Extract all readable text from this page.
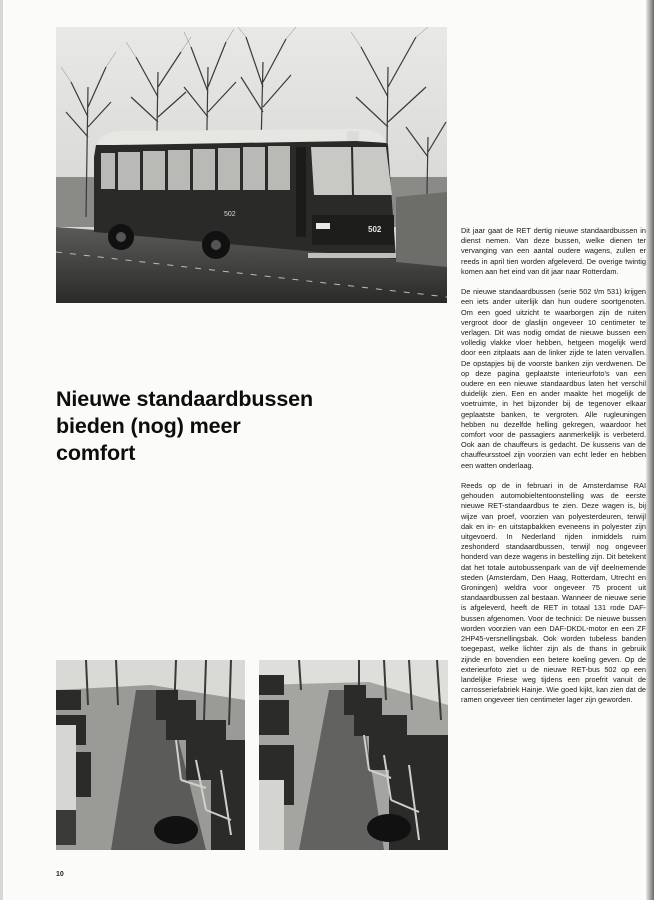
502
502
Nieuwe standaardbussen
bieden (nog) meer
comfort

Dit jaar gaat de RET dertig nieuwe standaardbussen in dienst nemen. Van deze bussen, welke dienen ter vervanging van een aantal oudere wagens, zullen er reeds in april tien worden afgeleverd. De overige twintig komen aan het eind van dit jaar naar Rotterdam.

De nieuwe standaardbussen (serie 502 t/m 531) krijgen een iets ander uiterlijk dan hun oudere soortgenoten. Om een goed uitzicht te waarborgen zijn de ruiten vergroot door de glaslijn ongeveer 10 centimeter te verlagen. Dit was nodig omdat de nieuwe bussen een volledig vlakke vloer hebben, hetgeen mogelijk werd door een zitplaats aan de linker zijde te laten vervallen. De opstapjes bij de voorste banken zijn verdwenen. De op deze pagina geplaatste interieurfoto's van een oudere en een nieuwe standaardbus laten het verschil duidelijk zien. Een en ander maakte het mogelijk de voetruimte, in het bijzonder bij de tegenover elkaar geplaatste banken, te vergroten. Alle rugleuningen hebben nu dezelfde helling gekregen, waardoor het comfort voor de passagiers aanmerkelijk is verbeterd. Ook aan de chauffeurs is gedacht. De kussens van de chauffeursstoel zijn voorzien van echt leder en hebben een watten onderlaag.

Reeds op de in februari in de Amsterdamse RAI gehouden automobieltentoonstelling was de eerste nieuwe RET-standaardbus te zien. Deze wagen is, bij wijze van proef, voorzien van polyesterdeuren, terwijl dak en in- en uitstapbakken eveneens in polyester zijn uitgevoerd. In Nederland rijden inmiddels ruim zeshonderd standaardbussen, terwijl nog ongeveer honderd van deze wagens in bestelling zijn. Dit betekent dat het totale autobussenpark van de vijf deelnemende steden (Amsterdam, Den Haag, Rotterdam, Utrecht en Groningen) weldra voor ongeveer 75 procent uit standaardbussen zal bestaan. Wanneer de nieuwe serie is afgeleverd, heeft de RET in totaal 131 rode DAF-bussen afgenomen. Voor de technici: De nieuwe bussen worden voorzien van een DAF-DKDL-motor en een ZF 2HP45-versnellingsbak. Ook worden tubeless banden toegepast, welke lichter zijn als de thans in gebruik zijnde en bovendien een betere koeling geven. Op de exterieurfoto ziet u de nieuwe RET-bus 502 op een landelijke Friese weg tijdens een proefrit vanuit de carrosseriefabriek Hainje. Wie goed kijkt, kan zien dat de ramen ongeveer tien centimeter lager zijn geworden.

10
